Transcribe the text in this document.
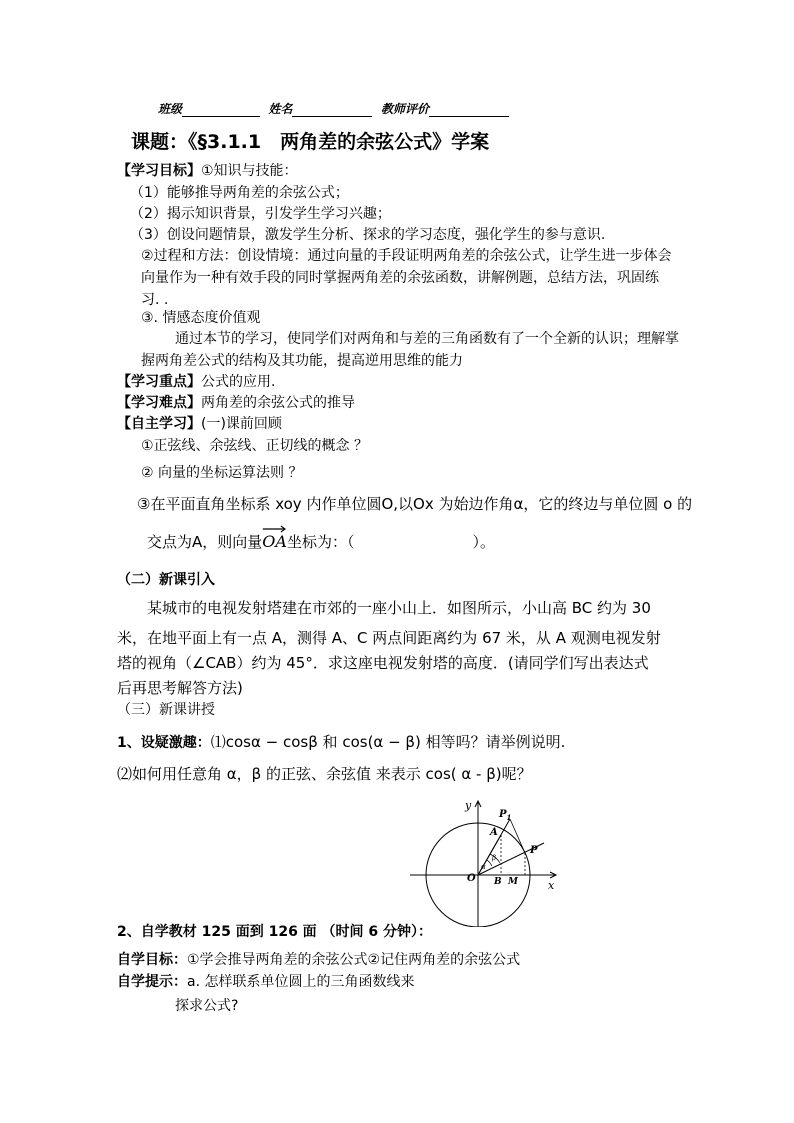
班级	姓名	教师评价
课题：《§3.1.1　两角差的余弦公式》学案
【学习目标】①知识与技能：
（1）能够推导两角差的余弦公式；
（2）揭示知识背景，引发学生学习兴趣；
（3）创设问题情景，激发学生分析、探求的学习态度，强化学生的参与意识.
②过程和方法：创设情境：通过向量的手段证明两角差的余弦公式，让学生进一步体会
向量作为一种有效手段的同时掌握两角差的余弦函数，讲解例题，总结方法，巩固练
习. .
③. 情感态度价值观
通过本节的学习，使同学们对两角和与差的三角函数有了一个全新的认识；理解掌
握两角差公式的结构及其功能，提高逆用思维的能力
【学习重点】公式的应用.
【学习难点】两角差的余弦公式的推导
【自主学习】(一)课前回顾
①正弦线、余弦线、正切线的概念 ？
② 向量的坐标运算法则 ？
③在平面直角坐标系 xoy 内作单位圆O,以Ox 为始边作角α，它的终边与单位圆 o 的
交点为A，则向量
OA坐标为：（	）。
（二）新课引入
某城市的电视发射塔建在市郊的一座小山上．如图所示，小山高 BC 约为 30
米，在地平面上有一点 A，测得 A、C 两点间距离约为 67 米，从 A 观测电视发射
塔的视角（∠CAB）约为 45°．求这座电视发射塔的高度．(请同学们写出表达式
后再思考解答方法)
（三）新课讲授
1、设疑激趣：⑴cosα − cosβ 和 cos(α − β) 相等吗？请举例说明.
⑵如何用任意角 α，β 的正弦、余弦值 来表示 cos( α - β)呢？
y
x
O
A
B M
P
$P_1$
α
β
2、自学教材 125 面到 126 面 （时间 6 分钟）：
自学目标：①学会推导两角差的余弦公式②记住两角差的余弦公式
自学提示：a. 怎样联系单位圆上的三角函数线来
探求公式?
